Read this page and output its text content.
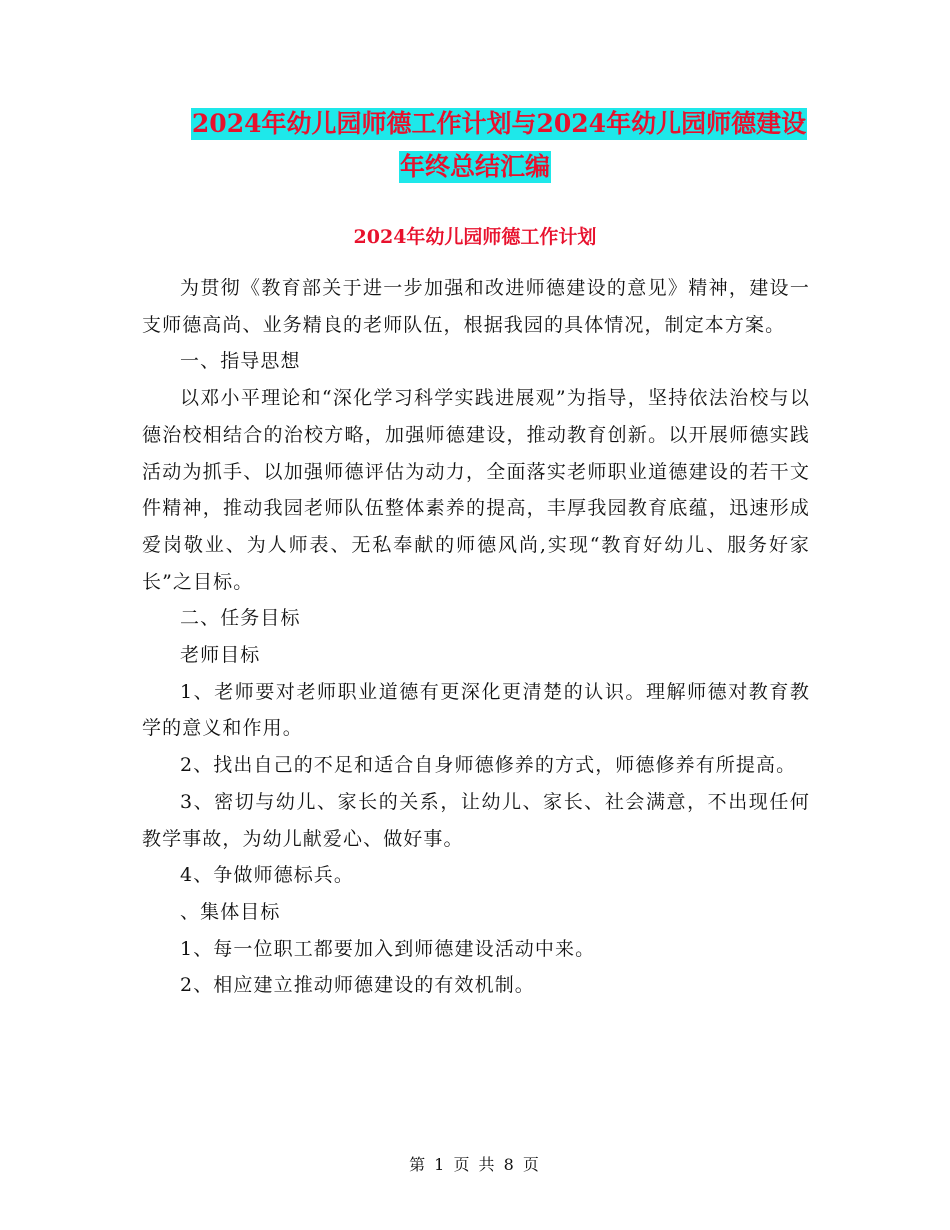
2024年幼儿园师德工作计划与2024年幼儿园师德建设
年终总结汇编
2024年幼儿园师德工作计划

为贯彻《教育部关于进一步加强和改进师德建设的意见》精神，建设一支师德高尚、业务精良的老师队伍，根据我园的具体情况，制定本方案。

一、指导思想

以邓小平理论和“深化学习科学实践进展观”为指导，坚持依法治校与以德治校相结合的治校方略，加强师德建设，推动教育创新。以开展师德实践活动为抓手、以加强师德评估为动力，全面落实老师职业道德建设的若干文件精神，推动我园老师队伍整体素养的提高，丰厚我园教育底蕴，迅速形成爱岗敬业、为人师表、无私奉献的师德风尚,实现“教育好幼儿、服务好家长”之目标。

二、任务目标

老师目标

1、老师要对老师职业道德有更深化更清楚的认识。理解师德对教育教学的意义和作用。

2、找出自己的不足和适合自身师德修养的方式，师德修养有所提高。

3、密切与幼儿、家长的关系，让幼儿、家长、社会满意，不出现任何教学事故，为幼儿献爱心、做好事。

4、争做师德标兵。

、集体目标

1、每一位职工都要加入到师德建设活动中来。

2、相应建立推动师德建设的有效机制。

第 1 页 共 8 页
